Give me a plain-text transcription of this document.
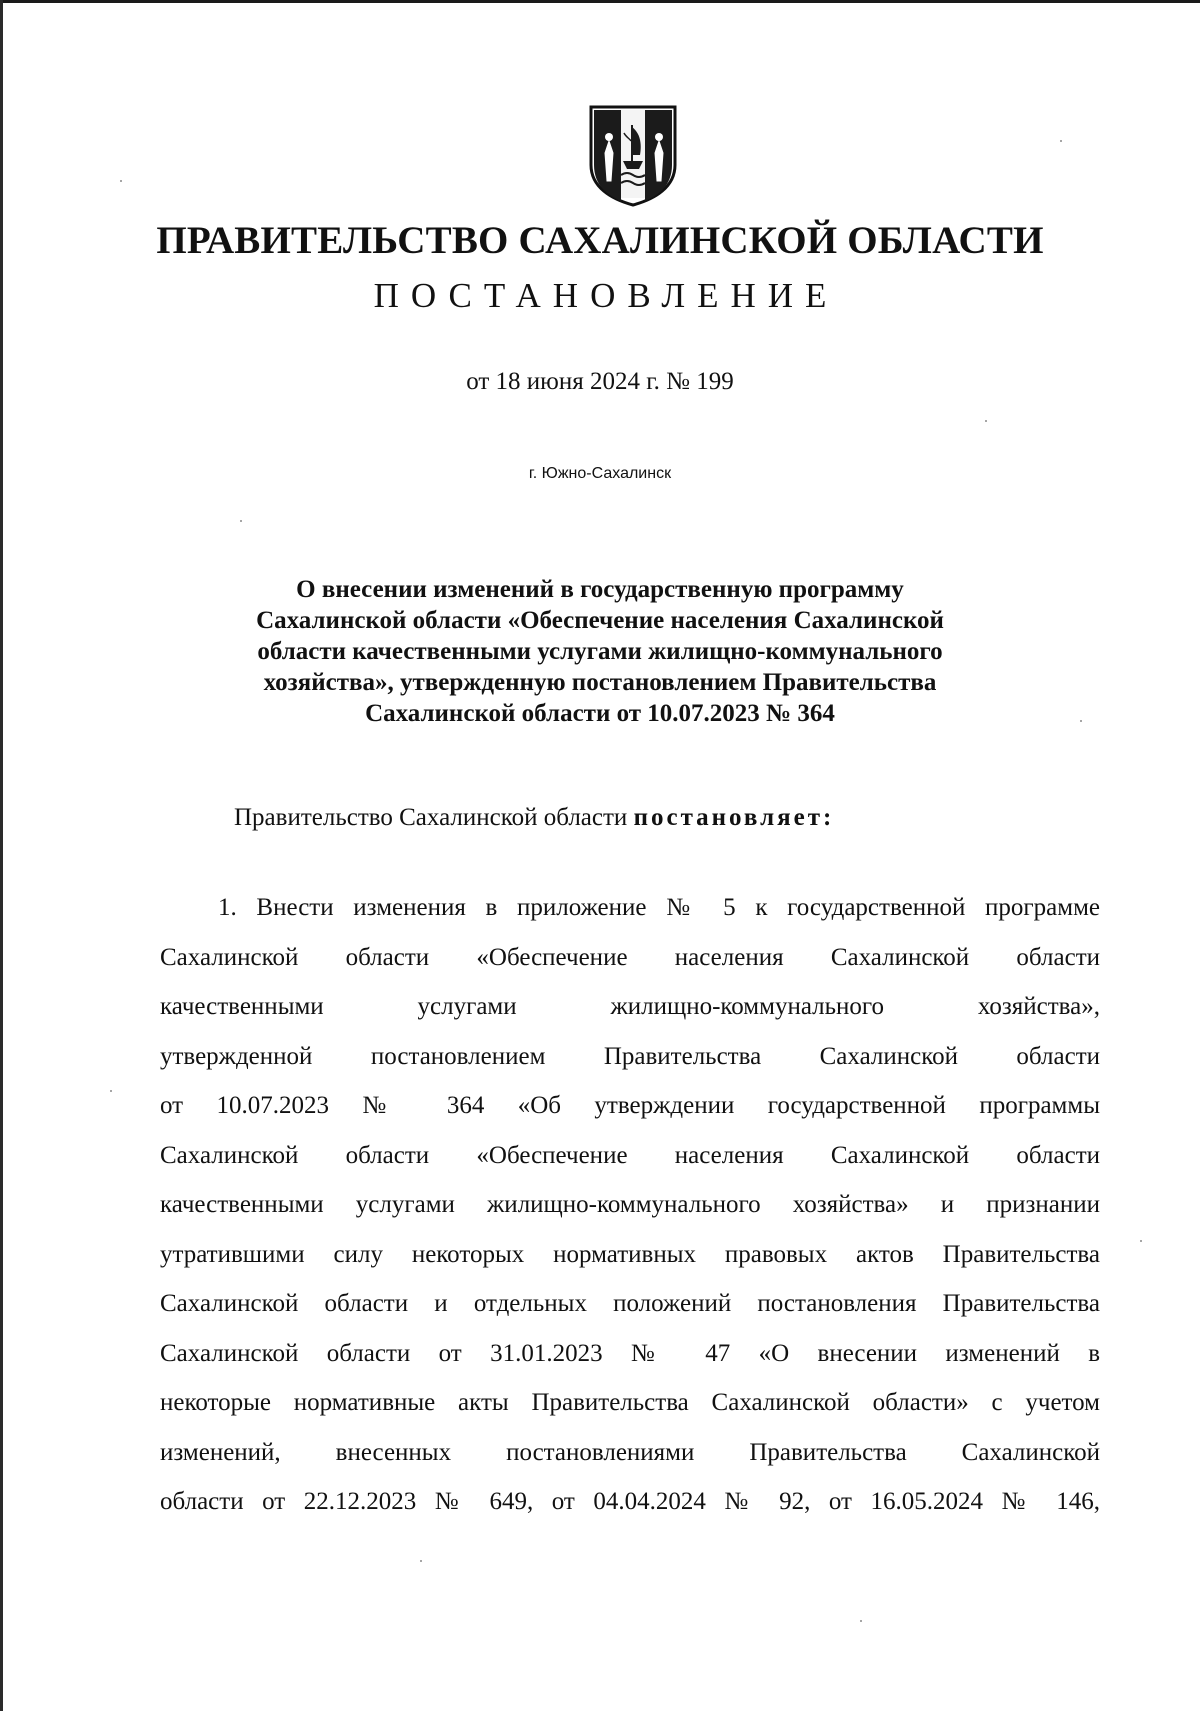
ПРАВИТЕЛЬСТВО САХАЛИНСКОЙ ОБЛАСТИ
ПОСТАНОВЛЕНИЕ
от 18 июня 2024 г. № 199
г. Южно-Сахалинск
О внесении изменений в государственную программу
Сахалинской области «Обеспечение населения Сахалинской
области качественными услугами жилищно-коммунального
хозяйства», утвержденную постановлением Правительства
Сахалинской области от 10.07.2023 № 364
Правительство Сахалинской области постановляет:
1. Внести изменения в приложение № 5 к государственной программе
Сахалинской области «Обеспечение населения Сахалинской области
качественными услугами жилищно-коммунального хозяйства»,
утвержденной постановлением Правительства Сахалинской области
от 10.07.2023 № 364 «Об утверждении государственной программы
Сахалинской области «Обеспечение населения Сахалинской области
качественными услугами жилищно-коммунального хозяйства» и признании
утратившими силу некоторых нормативных правовых актов Правительства
Сахалинской области и отдельных положений постановления Правительства
Сахалинской области от 31.01.2023 № 47 «О внесении изменений в
некоторые нормативные акты Правительства Сахалинской области» с учетом
изменений, внесенных постановлениями Правительства Сахалинской
области от 22.12.2023 № 649, от 04.04.2024 № 92, от 16.05.2024 № 146,
